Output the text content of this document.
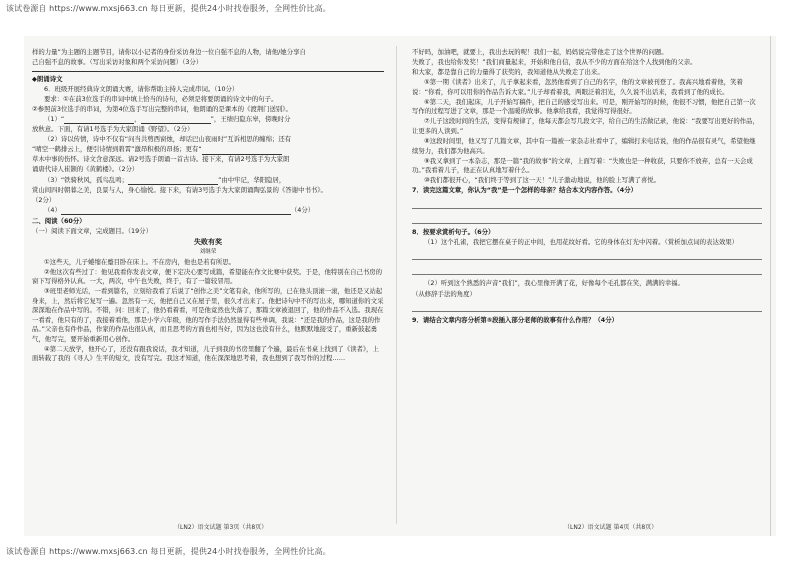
该试卷源自 https://www.mxsj663.cn 每日更新，提供24小时找卷服务，全网性价比高。

样的力量”为主题的主题节目，请你以小记者的身份采访身边一位自强不息的人物，请他/她分享自

己自强不息的故事。（写出采访对象和两个采访问题）（3分）

◆朗诵诗文

6．班级开展经典诗文朗诵大赛，请你帮助主持人完成串词。（10分）

要求：①在前3位选手的串词中填上恰当的诗句，必须是将要朗诵的诗文中的句子。

②参照前3位选手的串词，为第4位选手写出完整的串词，他朗诵的是课本的《渡荆门送别》。

（1）“	，	”，王绩归隐东皋，傍晚时分

放秋意。下面，有请1号选手为大家朗诵《野望》。（2分）

（2）诗以传情，诗中不仅有“问当共剪西窗烛，却话巴山夜雨时”互诉相思的缠绵；还有

“晴空一鹤排云上，便引诗情到碧霄”激昂积极的昂扬；更有“

草木中事的伤怀。诗文含意深远。请2号选手朗诵一首古诗。接下来，有请2号选手为大家朗

诵唐代诗人崔颢的《黄鹤楼》。（2分）

（3）“铁骑秋风，孤鸟乱鸣；	”由中牢记，华阳隐居，

赏山间四时朝暮之美，良景与人，身心愉悦。接下来，有请3号选手为大家朗诵陶弘景的《答谢中书书》。

（2分）

（4）	（4分）

二、阅读（60分）

（一）阅读下面文章，完成题目。（19分）

失败有奖

刘继荣

①这些天，儿子蜷缩在蹙目卧在床上。不在房内，他也是若有所思。

②他这次有些过了：他见我看你发表文章，便下定决心要写成篇，希望能在作文比赛中获奖。于是，他特别在自己书房的窗下写得格外认真。一大，两次，中午也失败，终于，有了一篇较冒用。

③班里老师光话，一看到篇名，立刻给我看了后说了“创作之美”文笔有余，他所写的，已在他头顶滚一滚，他还是又站起身来，上，然后将它复写一遍。忽然有一天，他把自己又在屋子里，很久才出来了。他把诗句中不的写出来，哪知道你的文采深深地在作品中写的。不错，问：回来了，他仍看着看，可是他竟然也失落了，那篇文章被退回了，他的作品不入选。我现在一看看，他只有的了，我接着看他，那是小学六年级，他的写作手法仍然显得有些单调，我说：“还是我的作品，这是我的作品。”父亲也有件作品，作家的作品也很认真，而且思考的方面也相当好，因为这也没有什么，他默默地接受了，重新鼓起勇气，他写完，要开始重新用心创作。

④第二天放学，他开心了，还没有跟我说话，我才知道，儿子到我的书房里翻了个遍，最后在书桌上找到了《读者》，上面转载了我的《寻人》生平的短文，没有写完。我这才知道，他在深深地思考着，我也想到了我写作的过程……

不好吗，加油吧，就要上，我出去玩的呢！我们一起，妈妈说完带他走了这个世界的问题。

失败了，我也给你发奖！”我们商量起来，开始和他自信，我从不少的方面在给这个人找到他的父亲。

和大家，都是靠自己的力量得了获奖的，我知道他从失败走了出来。

⑤第一期《读者》出来了，儿子拿起来看，忽然他看到了自己的名字，他的文章被刊登了。我高兴地看着他，笑着说：“你看，你可以用你的作品告诉大家。”儿子却看着我，两眼泛着泪光，久久说不出话来，我看到了他的成长。

⑥第二天，我们起床，儿子开始写稿件，把自己的感受写出来。可是，刚开始写的时候，他很不习惯，他把自己第一次写作的过程写进了文章，那是一个温暖的故事。他拿给我看，我觉得写得很好。

⑦儿子这段时间的生活，变得有规律了，他每天都会写几段文字，给自己的生活做记录，他说：“我要写出更好的作品，让更多的人读到。”

⑧这段时间里，他又写了几篇文章，其中有一篇被一家杂志社看中了，编辑打来电话说，他的作品很有灵气，希望他继续努力，我们都为他高兴。

⑨我又拿到了一本杂志，那是一篇“我的故事”的文章，上面写着：“失败也是一种收获，只要你不放弃，总有一天会成功。”我看着儿子，他正在认真地写着什么。

⑩我们都很开心，“我们终于等到了这一天！”儿子激动地说，他的脸上写满了喜悦。

7．读完这篇文章，你认为“我”是一个怎样的母亲？结合本文内容作答。（4分）

8．按要求赏析句子。（6分）

（1）这个孔雀，我把它摆在桌子的正中间，也用花纹好看。它的身体在灯光中闪着。（赏析加点词的表达效果）

（2）听到这个熟悉的声音“我们”，我心里像开满了花，好像每个毛孔都在笑，满满的幸福。

（从修辞手法的角度）

9．请结合文章内容分析第⑤段插入部分老师的故事有什么作用？（4分）

（LN2）语文试题 第3页（共8页）	（LN2）语文试题 第4页（共8页）
该试卷源自 https://www.mxsj663.cn 每日更新，提供24小时找卷服务，全网性价比高。
